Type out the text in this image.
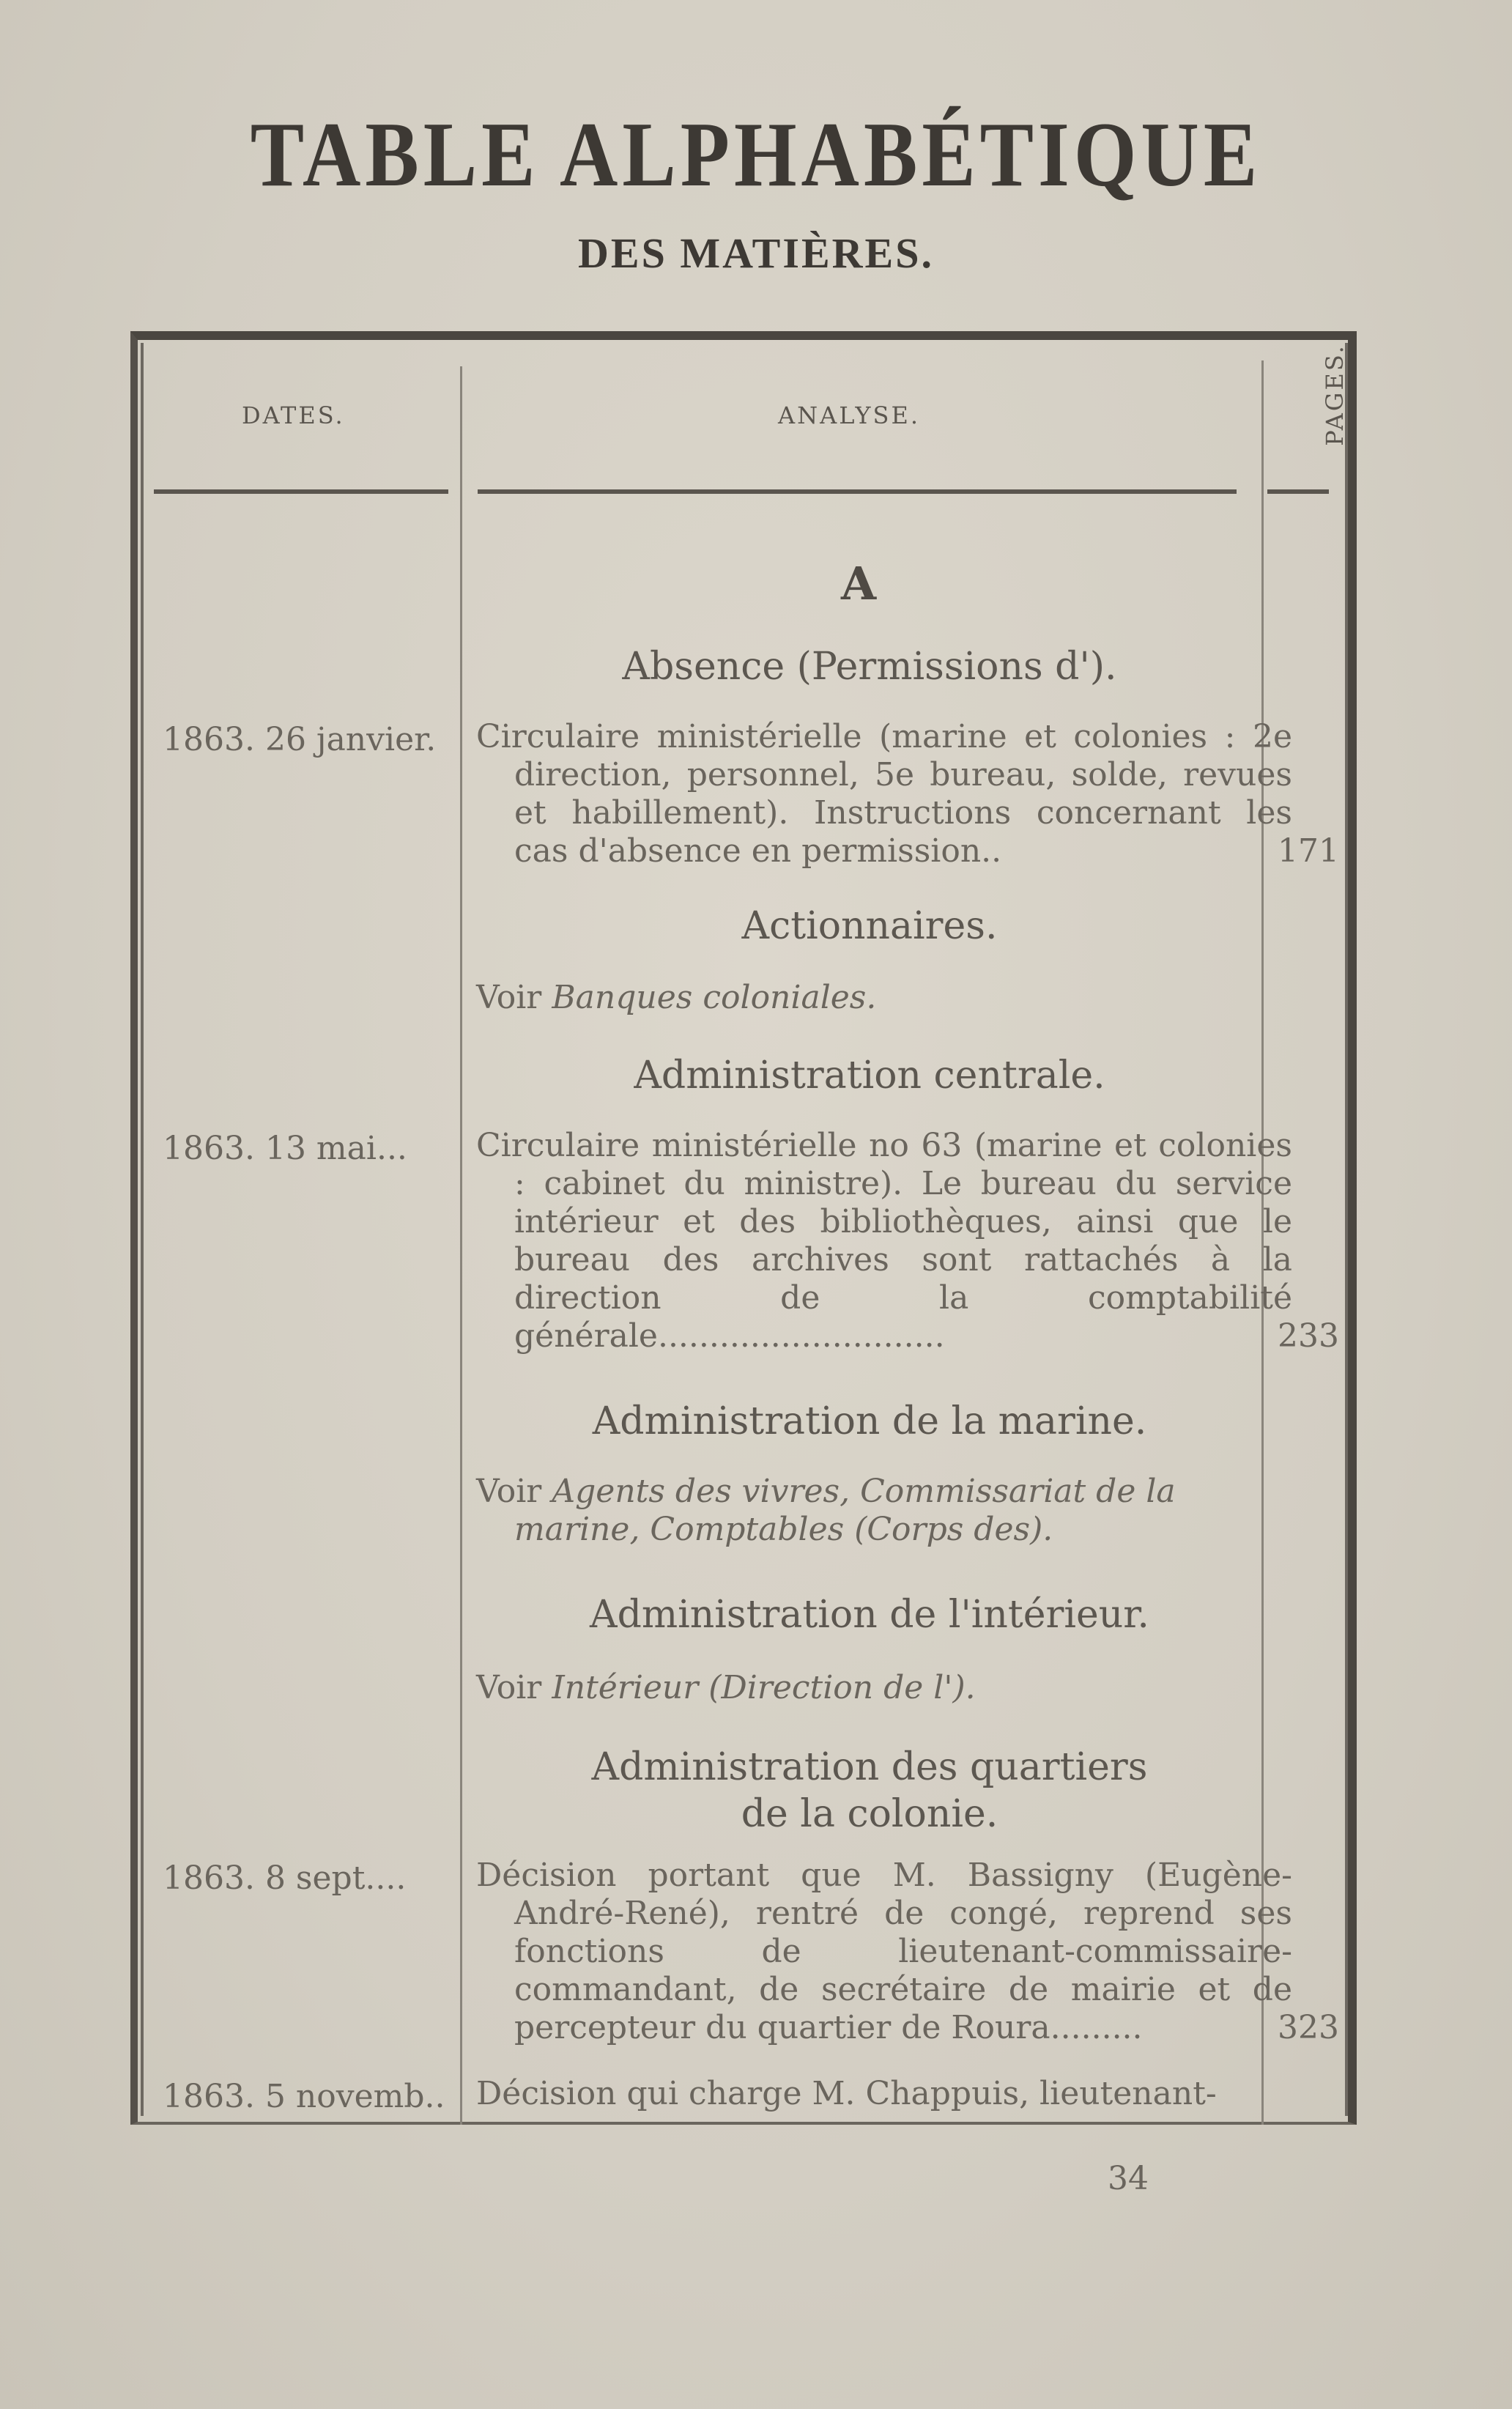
TABLE ALPHABÉTIQUE
DES MATIÈRES.
DATES.	ANALYSE.	PAGES.
A
Absence (Permissions d').
1863. 26 janvier.	Circulaire ministérielle (marine et colonies : 2e direction, personnel, 5e bureau, solde, revues et habillement). Instructions concernant les cas d'absence en permission..	171
Actionnaires.
Voir Banques coloniales.
Administration centrale.
1863. 13 mai...	Circulaire ministérielle no 63 (marine et colonies : cabinet du ministre). Le bureau du service intérieur et des bibliothèques, ainsi que le bureau des archives sont rattachés à la direction de la comptabilité générale............................	233
Administration de la marine.
Voir Agents des vivres, Commissariat de la marine, Comptables (Corps des).
Administration de l'intérieur.
Voir Intérieur (Direction de l').
Administration des quartiers
de la colonie.
1863. 8 sept....	Décision portant que M. Bassigny (Eugène-André-René), rentré de congé, reprend ses fonctions de lieutenant-commissaire-commandant, de secrétaire de mairie et de percepteur du quartier de Roura.........	323
1863. 5 novemb.. Décision qui charge M. Chappuis, lieutenant-
34
